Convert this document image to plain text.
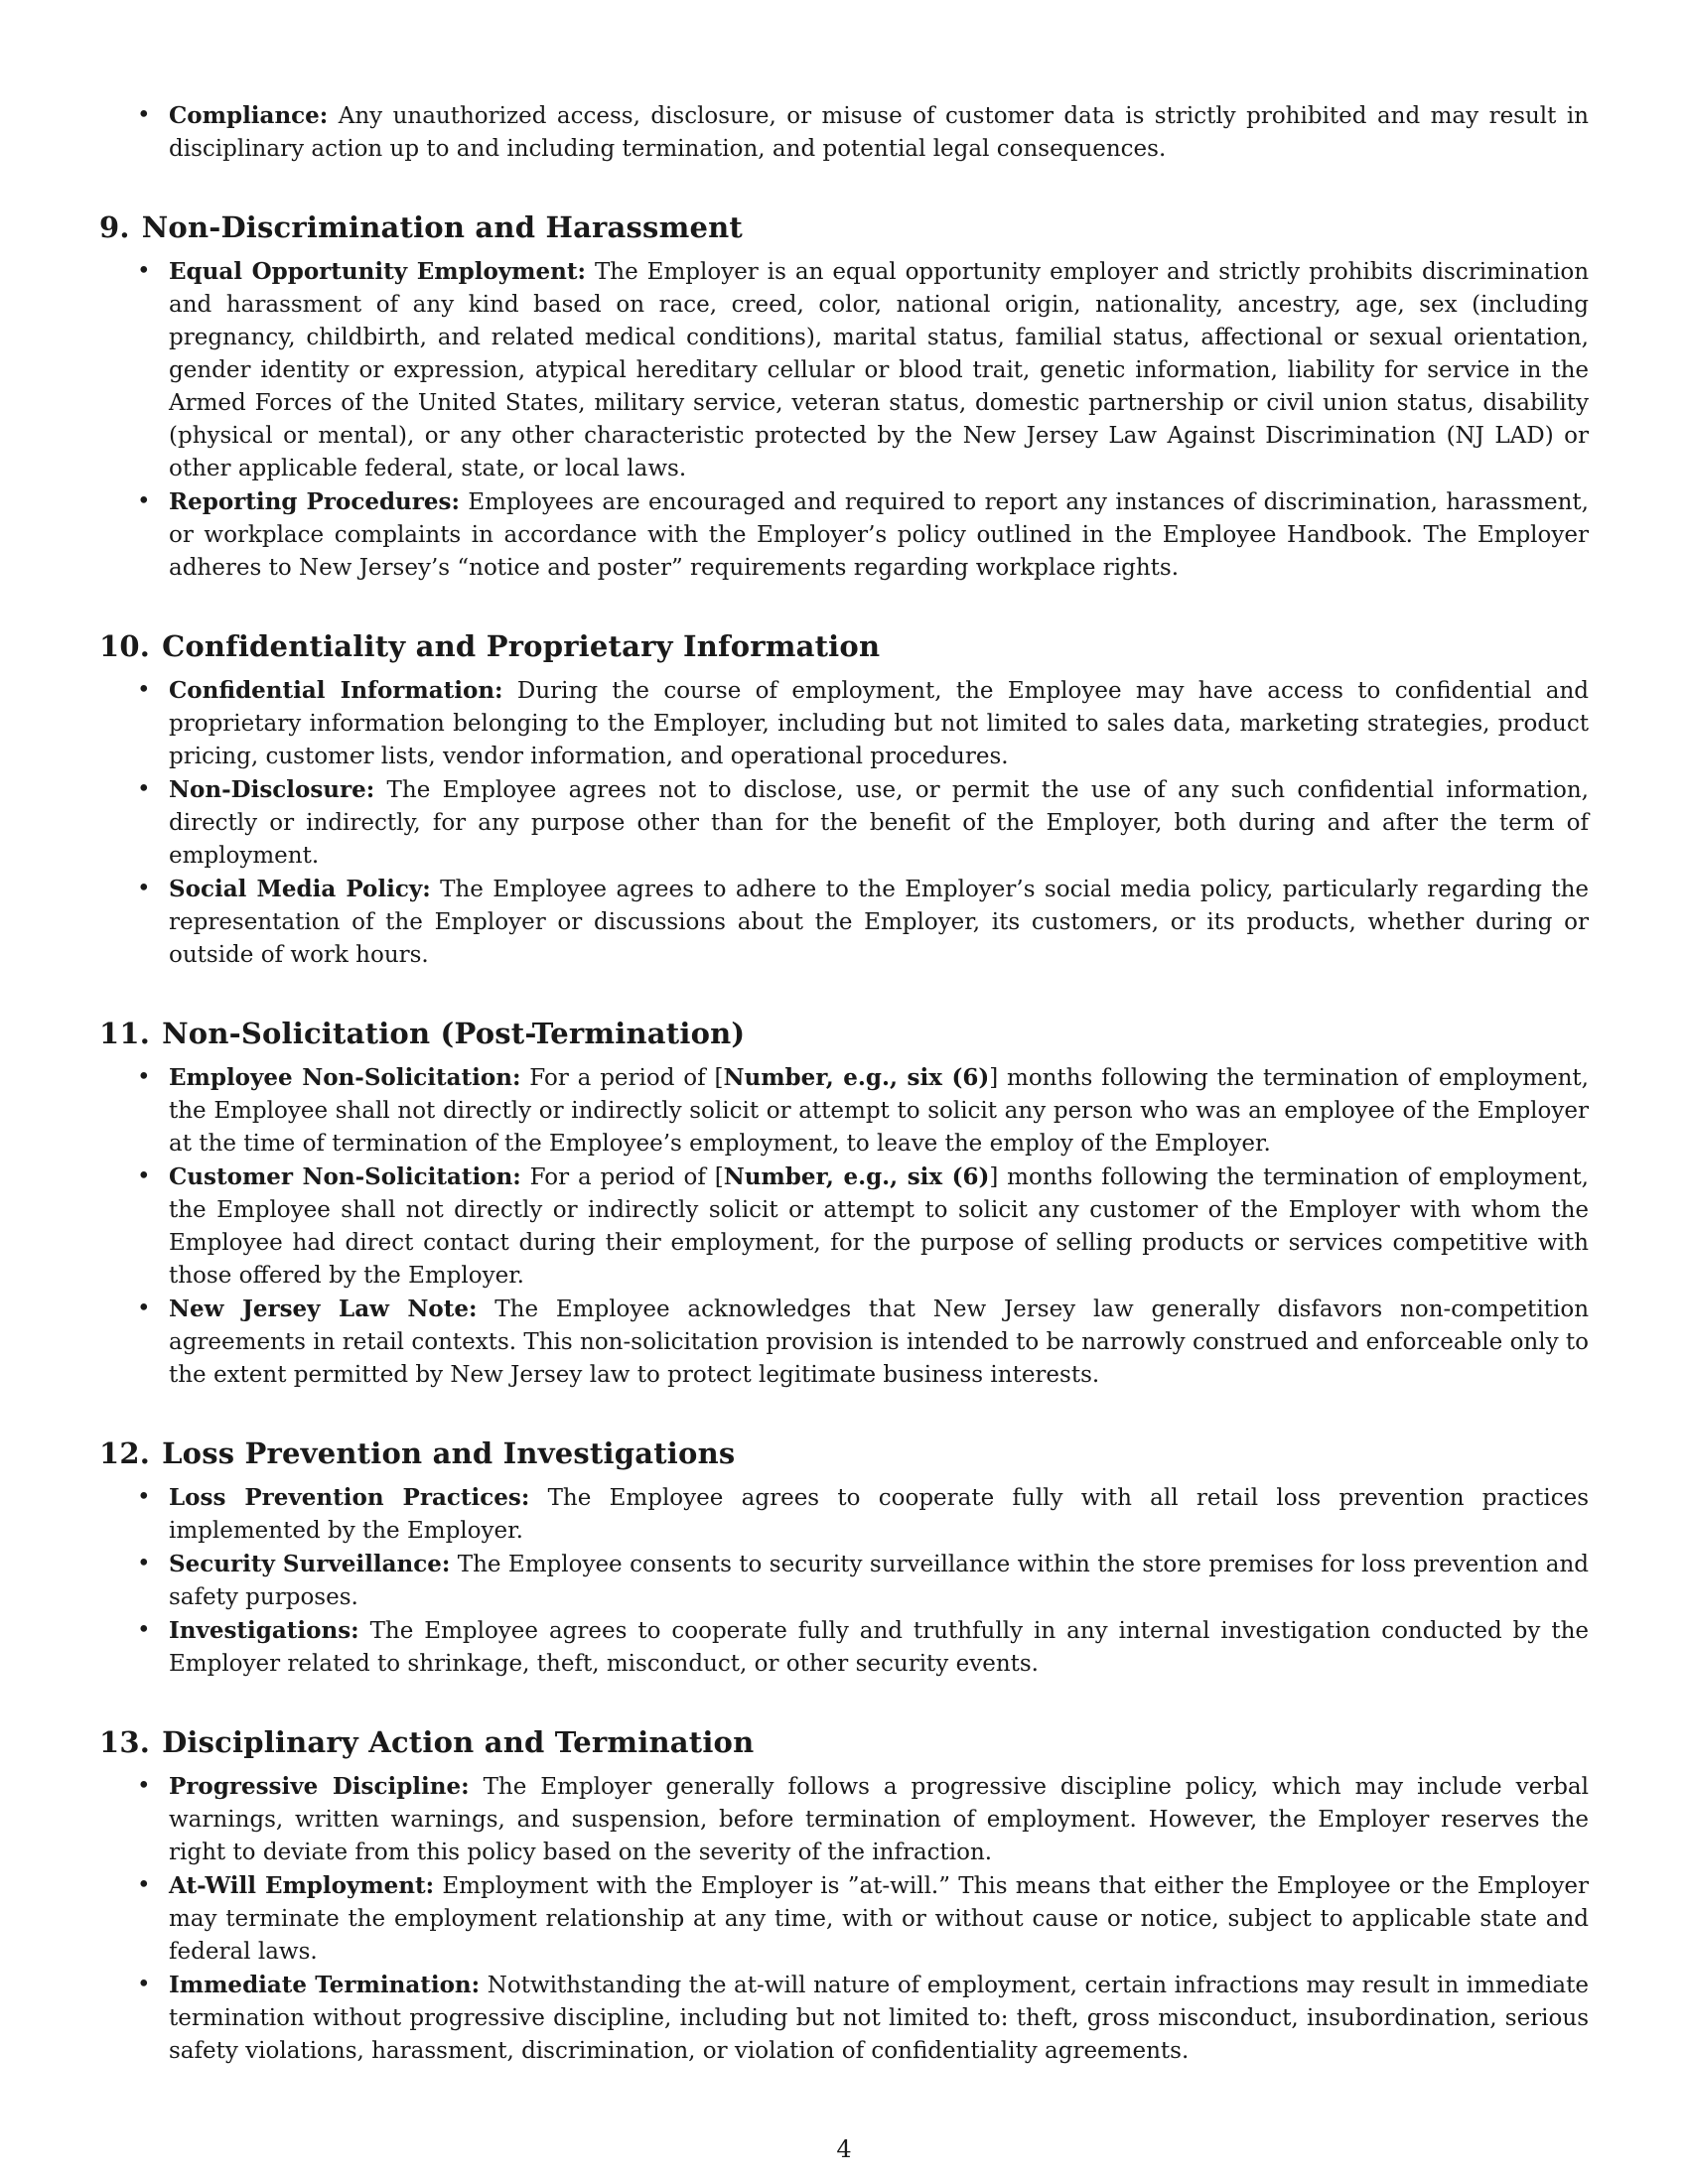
• Compliance: Any unauthorized access, disclosure, or misuse of customer data is strictly prohibited and may result in disciplinary action up to and including termination, and potential legal consequences.
9. Non-Discrimination and Harassment
• Equal Opportunity Employment: The Employer is an equal opportunity employer and strictly prohibits discrimination and harassment of any kind based on race, creed, color, national origin, nationality, ancestry, age, sex (including pregnancy, childbirth, and related medical conditions), marital status, familial status, affectional or sexual orientation, gender identity or expression, atypical hereditary cellular or blood trait, genetic information, liability for service in the Armed Forces of the United States, military service, veteran status, domestic partnership or civil union status, disability (physical or mental), or any other characteristic protected by the New Jersey Law Against Discrimination (NJ LAD) or other applicable federal, state, or local laws.
• Reporting Procedures: Employees are encouraged and required to report any instances of discrimination, harassment, or workplace complaints in accordance with the Employer’s policy outlined in the Employee Handbook. The Employer adheres to New Jersey’s “notice and poster” requirements regarding workplace rights.
10. Confidentiality and Proprietary Information
• Confidential Information: During the course of employment, the Employee may have access to confidential and proprietary information belonging to the Employer, including but not limited to sales data, marketing strategies, product pricing, customer lists, vendor information, and operational procedures.
• Non-Disclosure: The Employee agrees not to disclose, use, or permit the use of any such confidential information, directly or indirectly, for any purpose other than for the benefit of the Employer, both during and after the term of employment.
• Social Media Policy: The Employee agrees to adhere to the Employer’s social media policy, particularly regarding the representation of the Employer or discussions about the Employer, its customers, or its products, whether during or outside of work hours.
11. Non-Solicitation (Post-Termination)
• Employee Non-Solicitation: For a period of [Number, e.g., six (6)] months following the termination of employment, the Employee shall not directly or indirectly solicit or attempt to solicit any person who was an employee of the Employer at the time of termination of the Employee’s employment, to leave the employ of the Employer.
• Customer Non-Solicitation: For a period of [Number, e.g., six (6)] months following the termination of employment, the Employee shall not directly or indirectly solicit or attempt to solicit any customer of the Employer with whom the Employee had direct contact during their employment, for the purpose of selling products or services competitive with those offered by the Employer.
• New Jersey Law Note: The Employee acknowledges that New Jersey law generally disfavors non-competition agreements in retail contexts. This non-solicitation provision is intended to be narrowly construed and enforceable only to the extent permitted by New Jersey law to protect legitimate business interests.
12. Loss Prevention and Investigations
• Loss Prevention Practices: The Employee agrees to cooperate fully with all retail loss prevention practices implemented by the Employer.
• Security Surveillance: The Employee consents to security surveillance within the store premises for loss prevention and safety purposes.
• Investigations: The Employee agrees to cooperate fully and truthfully in any internal investigation conducted by the Employer related to shrinkage, theft, misconduct, or other security events.
13. Disciplinary Action and Termination
• Progressive Discipline: The Employer generally follows a progressive discipline policy, which may include verbal warnings, written warnings, and suspension, before termination of employment. However, the Employer reserves the right to deviate from this policy based on the severity of the infraction.
• At-Will Employment: Employment with the Employer is ”at-will.” This means that either the Employee or the Employer may terminate the employment relationship at any time, with or without cause or notice, subject to applicable state and federal laws.
• Immediate Termination: Notwithstanding the at-will nature of employment, certain infractions may result in immediate termination without progressive discipline, including but not limited to: theft, gross misconduct, insubordination, serious safety violations, harassment, discrimination, or violation of confidentiality agreements.
4
